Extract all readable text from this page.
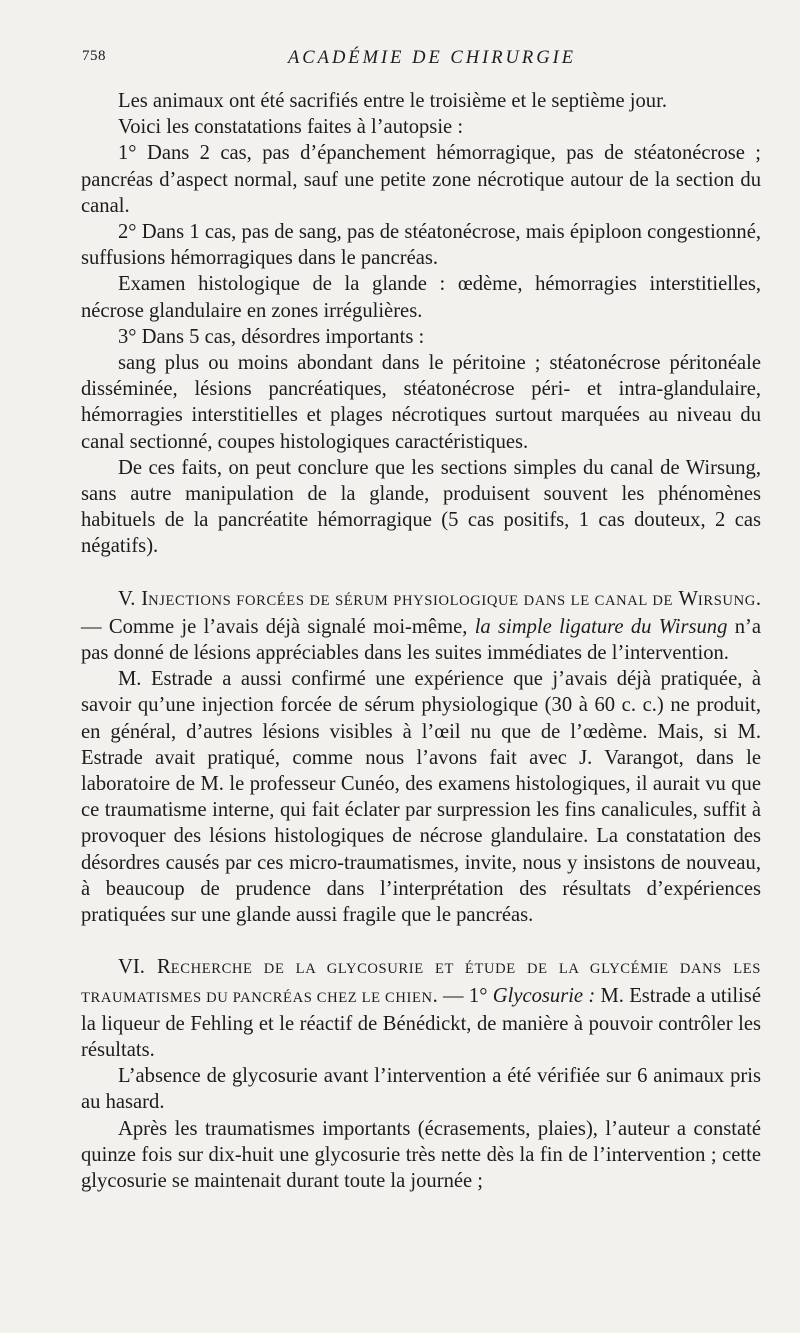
758	ACADÉMIE DE CHIRURGIE

Les animaux ont été sacrifiés entre le troisième et le septième jour.

Voici les constatations faites à l’autopsie :

1° Dans 2 cas, pas d’épanchement hémorragique, pas de stéatonécrose ; pancréas d’aspect normal, sauf une petite zone nécrotique autour de la section du canal.

2° Dans 1 cas, pas de sang, pas de stéatonécrose, mais épiploon congestionné, suffusions hémorragiques dans le pancréas.

Examen histologique de la glande : œdème, hémorragies interstitielles, nécrose glandulaire en zones irrégulières.

3° Dans 5 cas, désordres importants :

sang plus ou moins abondant dans le péritoine ; stéatonécrose péritonéale disséminée, lésions pancréatiques, stéatonécrose péri- et intra-glandulaire, hémorragies interstitielles et plages nécrotiques surtout marquées au niveau du canal sectionné, coupes histologiques caractéristiques.

De ces faits, on peut conclure que les sections simples du canal de Wirsung, sans autre manipulation de la glande, produisent souvent les phénomènes habituels de la pancréatite hémorragique (5 cas positifs, 1 cas douteux, 2 cas négatifs).

V. INJECTIONS FORCÉES DE SÉRUM PHYSIOLOGIQUE DANS LE CANAL DE WIRSUNG. — Comme je l’avais déjà signalé moi-même, la simple ligature du Wirsung n’a pas donné de lésions appréciables dans les suites immédiates de l’intervention.

M. Estrade a aussi confirmé une expérience que j’avais déjà pratiquée, à savoir qu’une injection forcée de sérum physiologique (30 à 60 c. c.) ne produit, en général, d’autres lésions visibles à l’œil nu que de l’œdème. Mais, si M. Estrade avait pratiqué, comme nous l’avons fait avec J. Varangot, dans le laboratoire de M. le professeur Cunéo, des examens histologiques, il aurait vu que ce traumatisme interne, qui fait éclater par surpression les fins canalicules, suffit à provoquer des lésions histologiques de nécrose glandulaire. La constatation des désordres causés par ces micro-traumatismes, invite, nous y insistons de nouveau, à beaucoup de prudence dans l’interprétation des résultats d’expériences pratiquées sur une glande aussi fragile que le pancréas.

VI. RECHERCHE DE LA GLYCOSURIE ET ÉTUDE DE LA GLYCÉMIE DANS LES TRAUMATISMES DU PANCRÉAS CHEZ LE CHIEN. — 1° Glycosurie : M. Estrade a utilisé la liqueur de Fehling et le réactif de Bénédickt, de manière à pouvoir contrôler les résultats.

L’absence de glycosurie avant l’intervention a été vérifiée sur 6 animaux pris au hasard.

Après les traumatismes importants (écrasements, plaies), l’auteur a constaté quinze fois sur dix-huit une glycosurie très nette dès la fin de l’intervention ; cette glycosurie se maintenait durant toute la journée ;
